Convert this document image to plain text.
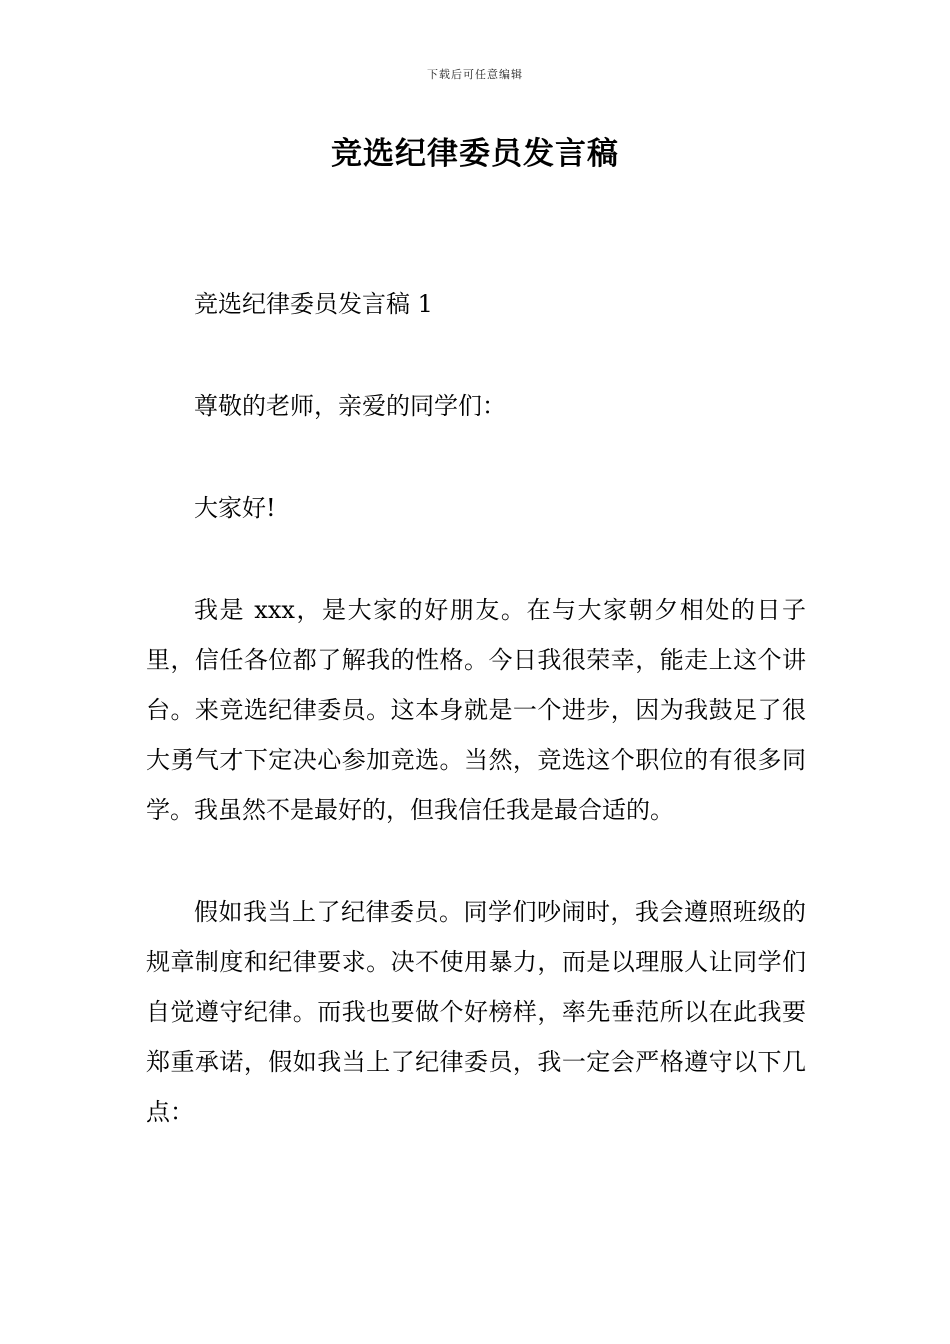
下载后可任意编辑
竞选纪律委员发言稿

竞选纪律委员发言稿 1

尊敬的老师，亲爱的同学们：

大家好!

我是 xxx，是大家的好朋友。在与大家朝夕相处的日子里，信任各位都了解我的性格。今日我很荣幸，能走上这个讲台。来竞选纪律委员。这本身就是一个进步，因为我鼓足了很大勇气才下定决心参加竞选。当然，竞选这个职位的有很多同学。我虽然不是最好的，但我信任我是最合适的。

假如我当上了纪律委员。同学们吵闹时，我会遵照班级的规章制度和纪律要求。决不使用暴力，而是以理服人让同学们自觉遵守纪律。而我也要做个好榜样，率先垂范所以在此我要郑重承诺，假如我当上了纪律委员，我一定会严格遵守以下几点：
